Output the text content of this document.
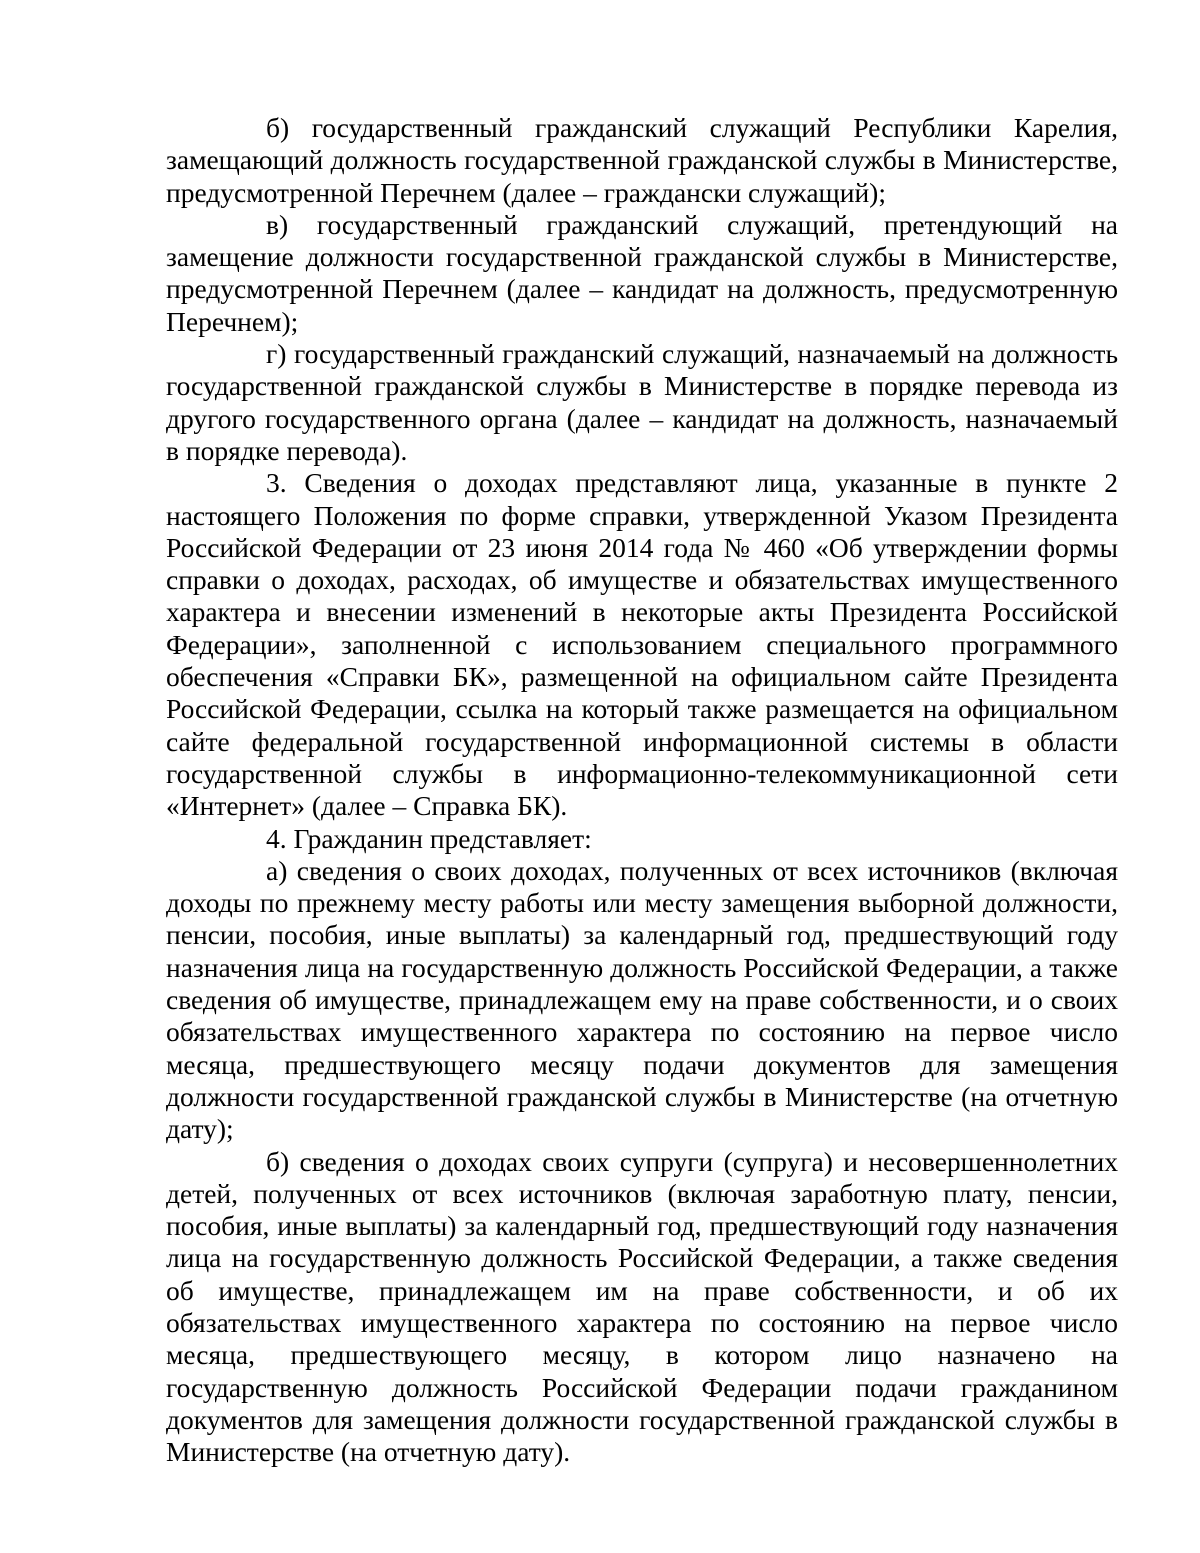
б) государственный гражданский служащий Республики Карелия, замещающий должность государственной гражданской службы в Министерстве, предусмотренной Перечнем (далее – граждански служащий);

в) государственный гражданский служащий, претендующий на замещение должности государственной гражданской службы в Министерстве, предусмотренной Перечнем (далее – кандидат на должность, предусмотренную Перечнем);

г) государственный гражданский служащий, назначаемый на должность государственной гражданской службы в Министерстве в порядке перевода из другого государственного органа (далее – кандидат на должность, назначаемый в порядке перевода).

3. Сведения о доходах представляют лица, указанные в пункте 2 настоящего Положения по форме справки, утвержденной Указом Президента Российской Федерации от 23 июня 2014 года № 460 «Об утверждении формы справки о доходах, расходах, об имуществе и обязательствах имущественного характера и внесении изменений в некоторые акты Президента Российской Федерации», заполненной с использованием специального программного обеспечения «Справки БК», размещенной на официальном сайте Президента Российской Федерации, ссылка на который также размещается на официальном сайте федеральной государственной информационной системы в области государственной службы в информационно-телекоммуникационной сети «Интернет» (далее – Справка БК).

4. Гражданин представляет:

а) сведения о своих доходах, полученных от всех источников (включая доходы по прежнему месту работы или месту замещения выборной должности, пенсии, пособия, иные выплаты) за календарный год, предшествующий году назначения лица на государственную должность Российской Федерации, а также сведения об имуществе, принадлежащем ему на праве собственности, и о своих обязательствах имущественного характера по состоянию на первое число месяца, предшествующего месяцу подачи документов для замещения должности государственной гражданской службы в Министерстве (на отчетную дату);

б) сведения о доходах своих супруги (супруга) и несовершеннолетних детей, полученных от всех источников (включая заработную плату, пенсии, пособия, иные выплаты) за календарный год, предшествующий году назначения лица на государственную должность Российской Федерации, а также сведения об имуществе, принадлежащем им на праве собственности, и об их обязательствах имущественного характера по состоянию на первое число месяца, предшествующего месяцу, в котором лицо назначено на государственную должность Российской Федерации подачи гражданином документов для замещения должности государственной гражданской службы в Министерстве (на отчетную дату).
